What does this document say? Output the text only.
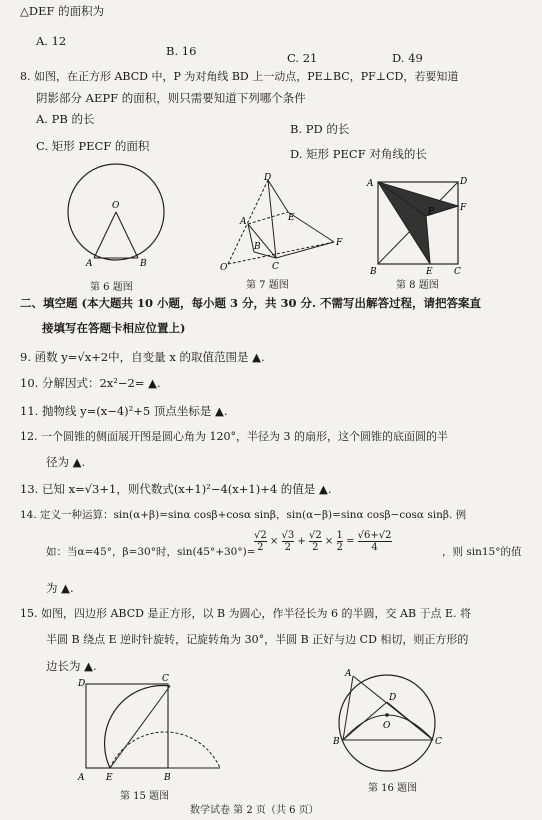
△DEF 的面积为
A. 12
B. 16	C. 21	D. 49
8. 如图，在正方形 ABCD 中，P 为对角线 BD 上一动点，PE⊥BC，PF⊥CD，若要知道
阴影部分 AEPF 的面积，则只需要知道下列哪个条件
A. PB 的长
B. PD 的长
C. 矩形 PECF 的面积
D. 矩形 PECF 对角线的长
O
A	B
第 6 题图
D
A	E
B	F
C
O
第 7 题图
A	D
F
P
B	E C
第 8 题图
二、填空题 (本大题共 10 小题，每小题 3 分，共 30 分. 不需写出解答过程，请把答案直
接填写在答题卡相应位置上)
9. 函数 y=√x+2中，自变量 x 的取值范围是 ▲.
10. 分解因式：2x²−2= ▲.
11. 抛物线 y=(x−4)²+5 顶点坐标是 ▲.
12. 一个圆锥的侧面展开图是圆心角为 120°，半径为 3 的扇形，这个圆锥的底面圆的半
径为 ▲.
13. 已知 x=√3+1，则代数式(x+1)²−4(x+1)+4 的值是 ▲.
14. 定义一种运算：sin(α+β)=sinα cosβ+cosα sinβ，sin(α−β)=sinα cosβ−cosα sinβ. 例
如：当α=45°，β=30°时，sin(45°+30°)=
$\frac{√2}{2} \times \frac{√3}{2} + \frac{√2}{2} \times \frac{1}{2} = \frac{√6+√2}{4}$	，则 sin15°的值
为 ▲.
15. 如图，四边形 ABCD 是正方形，以 B 为圆心，作半径长为 6 的半圆，交 AB 于点 E. 将
半圆 B 绕点 E 逆时针旋转，记旋转角为 30°，半圆 B 正好与边 CD 相切，则正方形的
边长为 ▲.
D	C
A E	B
第 15 题图
A
D
O
B	C
第 16 题图
数学试卷 第 2 页（共 6 页）
